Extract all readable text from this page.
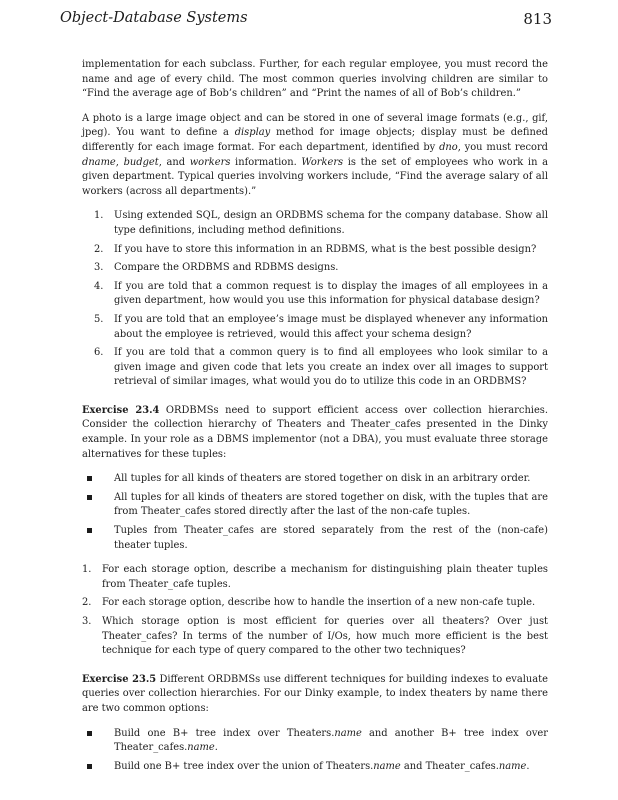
Object-Database Systems	813

implementation for each subclass. Further, for each regular employee, you must record the name and age of every child. The most common queries involving children are similar to “Find the average age of Bob’s children” and “Print the names of all of Bob’s children.”

A photo is a large image object and can be stored in one of several image formats (e.g., gif, jpeg). You want to define a display method for image objects; display must be defined differently for each image format. For each department, identified by dno, you must record dname, budget, and workers information. Workers is the set of employees who work in a given department. Typical queries involving workers include, “Find the average salary of all workers (across all departments).”

1. Using extended SQL, design an ORDBMS schema for the company database. Show all type definitions, including method definitions.
2. If you have to store this information in an RDBMS, what is the best possible design?
3. Compare the ORDBMS and RDBMS designs.
4. If you are told that a common request is to display the images of all employees in a given department, how would you use this information for physical database design?
5. If you are told that an employee’s image must be displayed whenever any information about the employee is retrieved, would this affect your schema design?
6. If you are told that a common query is to find all employees who look similar to a given image and given code that lets you create an index over all images to support retrieval of similar images, what would you do to utilize this code in an ORDBMS?

Exercise 23.4 ORDBMSs need to support efficient access over collection hierarchies. Consider the collection hierarchy of Theaters and Theater_cafes presented in the Dinky example. In your role as a DBMS implementor (not a DBA), you must evaluate three storage alternatives for these tuples:

All tuples for all kinds of theaters are stored together on disk in an arbitrary order.
All tuples for all kinds of theaters are stored together on disk, with the tuples that are from Theater_cafes stored directly after the last of the non-cafe tuples.
Tuples from Theater_cafes are stored separately from the rest of the (non-cafe) theater tuples.
1. For each storage option, describe a mechanism for distinguishing plain theater tuples from Theater_cafe tuples.
2. For each storage option, describe how to handle the insertion of a new non-cafe tuple.
3. Which storage option is most efficient for queries over all theaters? Over just Theater_cafes? In terms of the number of I/Os, how much more efficient is the best technique for each type of query compared to the other two techniques?

Exercise 23.5 Different ORDBMSs use different techniques for building indexes to evaluate queries over collection hierarchies. For our Dinky example, to index theaters by name there are two common options:

Build one B+ tree index over Theaters.name and another B+ tree index over Theater_cafes.name.
Build one B+ tree index over the union of Theaters.name and Theater_cafes.name.
